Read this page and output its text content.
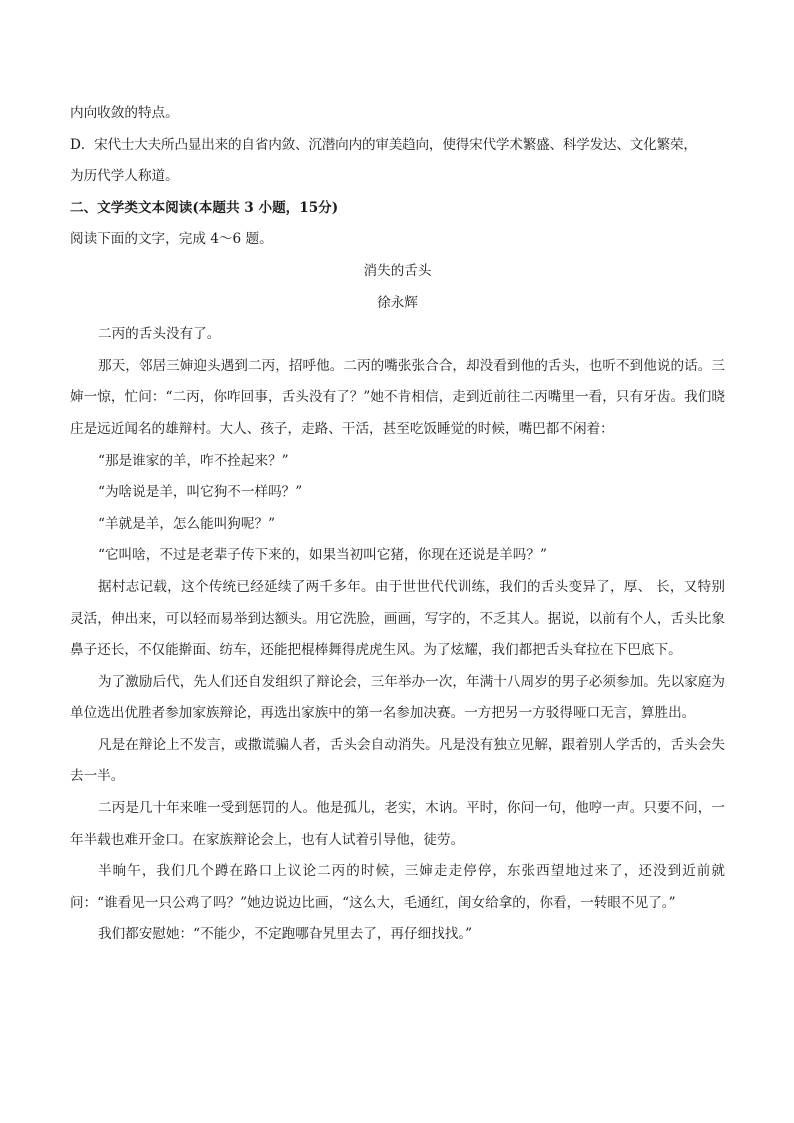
内向收敛的特点。

D．宋代士大夫所凸显出来的自省内敛、沉潜向内的审美趋向，使得宋代学术繁盛、科学发达、文化繁荣，

为历代学人称道。

二、文学类文本阅读(本题共 3 小题，15分)

阅读下面的文字，完成 4～6 题。

消失的舌头

徐永辉

二丙的舌头没有了。

那天，邻居三婶迎头遇到二丙，招呼他。二丙的嘴张张合合，却没看到他的舌头，也听不到他说的话。三婶一惊，忙问：“二丙，你咋回事，舌头没有了？”她不肯相信，走到近前往二丙嘴里一看，只有牙齿。我们晓庄是远近闻名的雄辩村。大人、孩子，走路、干活，甚至吃饭睡觉的时候，嘴巴都不闲着：

“那是谁家的羊，咋不拴起来？”

“为啥说是羊，叫它狗不一样吗？”

“羊就是羊，怎么能叫狗呢？”

“它叫啥，不过是老辈子传下来的，如果当初叫它猪，你现在还说是羊吗？”

据村志记载，这个传统已经延续了两千多年。由于世世代代训练，我们的舌头变异了，厚、 长，又特别灵活，伸出来，可以轻而易举到达额头。用它洗脸，画画，写字的，不乏其人。据说，以前有个人，舌头比象鼻子还长，不仅能擀面、纺车，还能把棍棒舞得虎虎生风。为了炫耀，我们都把舌头耷拉在下巴底下。

为了激励后代，先人们还自发组织了辩论会，三年举办一次，年满十八周岁的男子必须参加。先以家庭为单位选出优胜者参加家族辩论，再选出家族中的第一名参加决赛。一方把另一方驳得哑口无言，算胜出。

凡是在辩论上不发言，或撒谎骗人者，舌头会自动消失。凡是没有独立见解，跟着别人学舌的，舌头会失去一半。

二丙是几十年来唯一受到惩罚的人。他是孤儿，老实，木讷。平时，你问一句，他哼一声。只要不问，一年半载也难开金口。在家族辩论会上，也有人试着引导他，徒劳。

半晌午，我们几个蹲在路口上议论二丙的时候，三婶走走停停，东张西望地过来了，还没到近前就问：“谁看见一只公鸡了吗？”她边说边比画，“这么大，毛通红，闺女给拿的，你看，一转眼不见了。”

我们都安慰她：“不能少，不定跑哪旮旯里去了，再仔细找找。”
